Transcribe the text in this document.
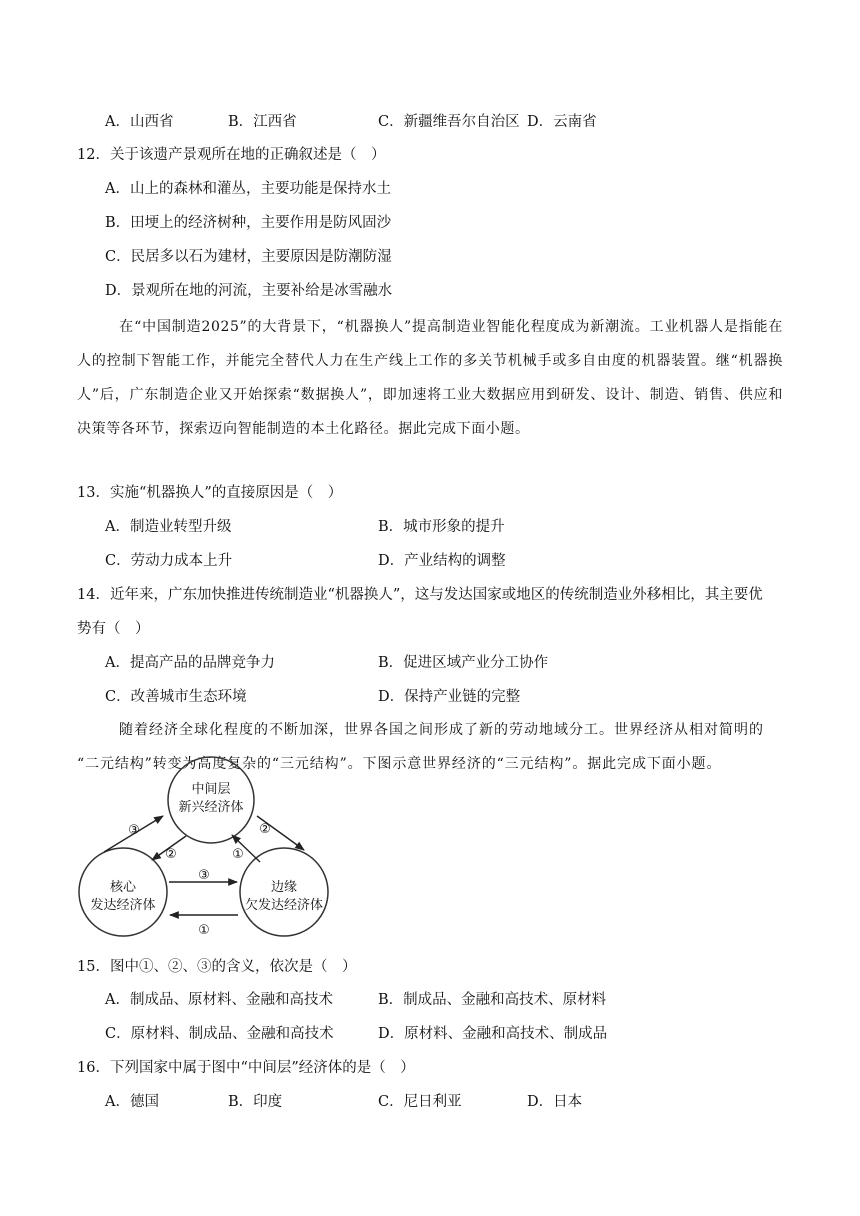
A．山西省	B．江西省	C．新疆维吾尔自治区 D．云南省
12．关于该遗产景观所在地的正确叙述是（　）
A．山上的森林和灌丛，主要功能是保持水土
B．田埂上的经济树种，主要作用是防风固沙
C．民居多以石为建材，主要原因是防潮防湿
D．景观所在地的河流，主要补给是冰雪融水
在“中国制造2025”的大背景下，“机器换人”提高制造业智能化程度成为新潮流。工业机器人是指能在人的控制下智能工作，并能完全替代人力在生产线上工作的多关节机械手或多自由度的机器装置。继“机器换人”后，广东制造企业又开始探索“数据换人”，即加速将工业大数据应用到研发、设计、制造、销售、供应和决策等各环节，探索迈向智能制造的本土化路径。据此完成下面小题。
13．实施“机器换人”的直接原因是（　）
A．制造业转型升级	B．城市形象的提升
C．劳动力成本上升	D．产业结构的调整
14．近年来，广东加快推进传统制造业“机器换人”，这与发达国家或地区的传统制造业外移相比，其主要优
势有（　）
A．提高产品的品牌竞争力	B．促进区域产业分工协作
C．改善城市生态环境	D．保持产业链的完整
随着经济全球化程度的不断加深，世界各国之间形成了新的劳动地域分工。世界经济从相对简明的
“二元结构”转变为高度复杂的“三元结构”。下图示意世界经济的“三元结构”。据此完成下面小题。
中间层
新兴经济体
核心
发达经济体
边缘
欠发达经济体
③
②
②
①
③
①
15．图中①、②、③的含义，依次是（　）
A．制成品、原材料、金融和高技术	B．制成品、金融和高技术、原材料
C．原材料、制成品、金融和高技术	D．原材料、金融和高技术、制成品
16．下列国家中属于图中“中间层”经济体的是（　）
A．德国	B．印度	C．尼日利亚	D．日本
